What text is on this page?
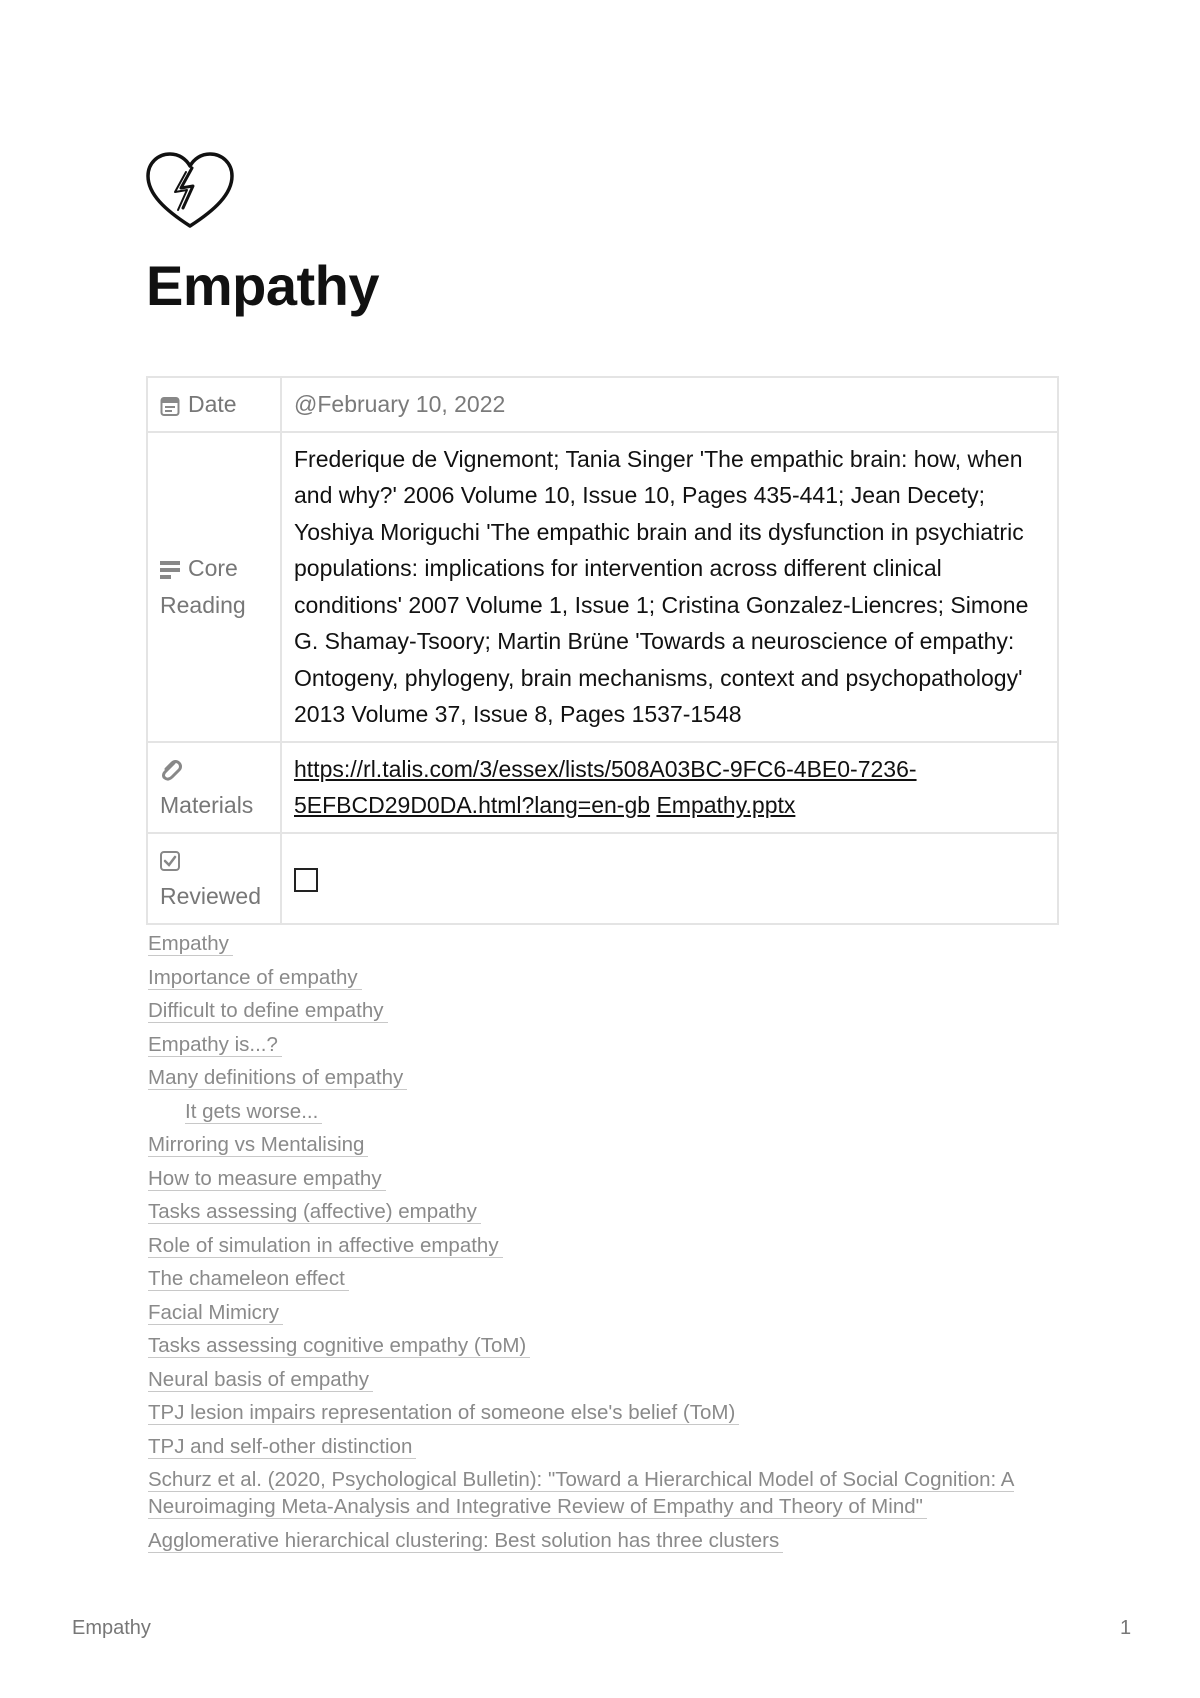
Empathy
Date	@February 10, 2022
Core Reading	Frederique de Vignemont; Tania Singer 'The empathic brain: how, when and why?' 2006 Volume 10, Issue 10, Pages 435-441; Jean Decety; Yoshiya Moriguchi 'The empathic brain and its dysfunction in psychiatric populations: implications for intervention across different clinical conditions' 2007 Volume 1, Issue 1; Cristina Gonzalez-Liencres; Simone G. Shamay-Tsoory; Martin Brüne 'Towards a neuroscience of empathy: Ontogeny, phylogeny, brain mechanisms, context and psychopathology' 2013 Volume 37, Issue 8, Pages 1537-1548
Materials	https://rl.talis.com/3/essex/lists/508A03BC-9FC6-4BE0-7236-5EFBCD29D0DA.html?lang=en-gb Empathy.pptx
Reviewed	
Empathy
Importance of empathy
Difficult to define empathy
Empathy is...?
Many definitions of empathy
It gets worse...
Mirroring vs Mentalising
How to measure empathy
Tasks assessing (affective) empathy
Role of simulation in affective empathy
The chameleon effect
Facial Mimicry
Tasks assessing cognitive empathy (ToM)
Neural basis of empathy
TPJ lesion impairs representation of someone else's belief (ToM)
TPJ and self-other distinction
Schurz et al. (2020, Psychological Bulletin): "Toward a Hierarchical Model of Social Cognition: A Neuroimaging Meta-Analysis and Integrative Review of Empathy and Theory of Mind"
Agglomerative hierarchical clustering: Best solution has three clusters
Empathy	1
